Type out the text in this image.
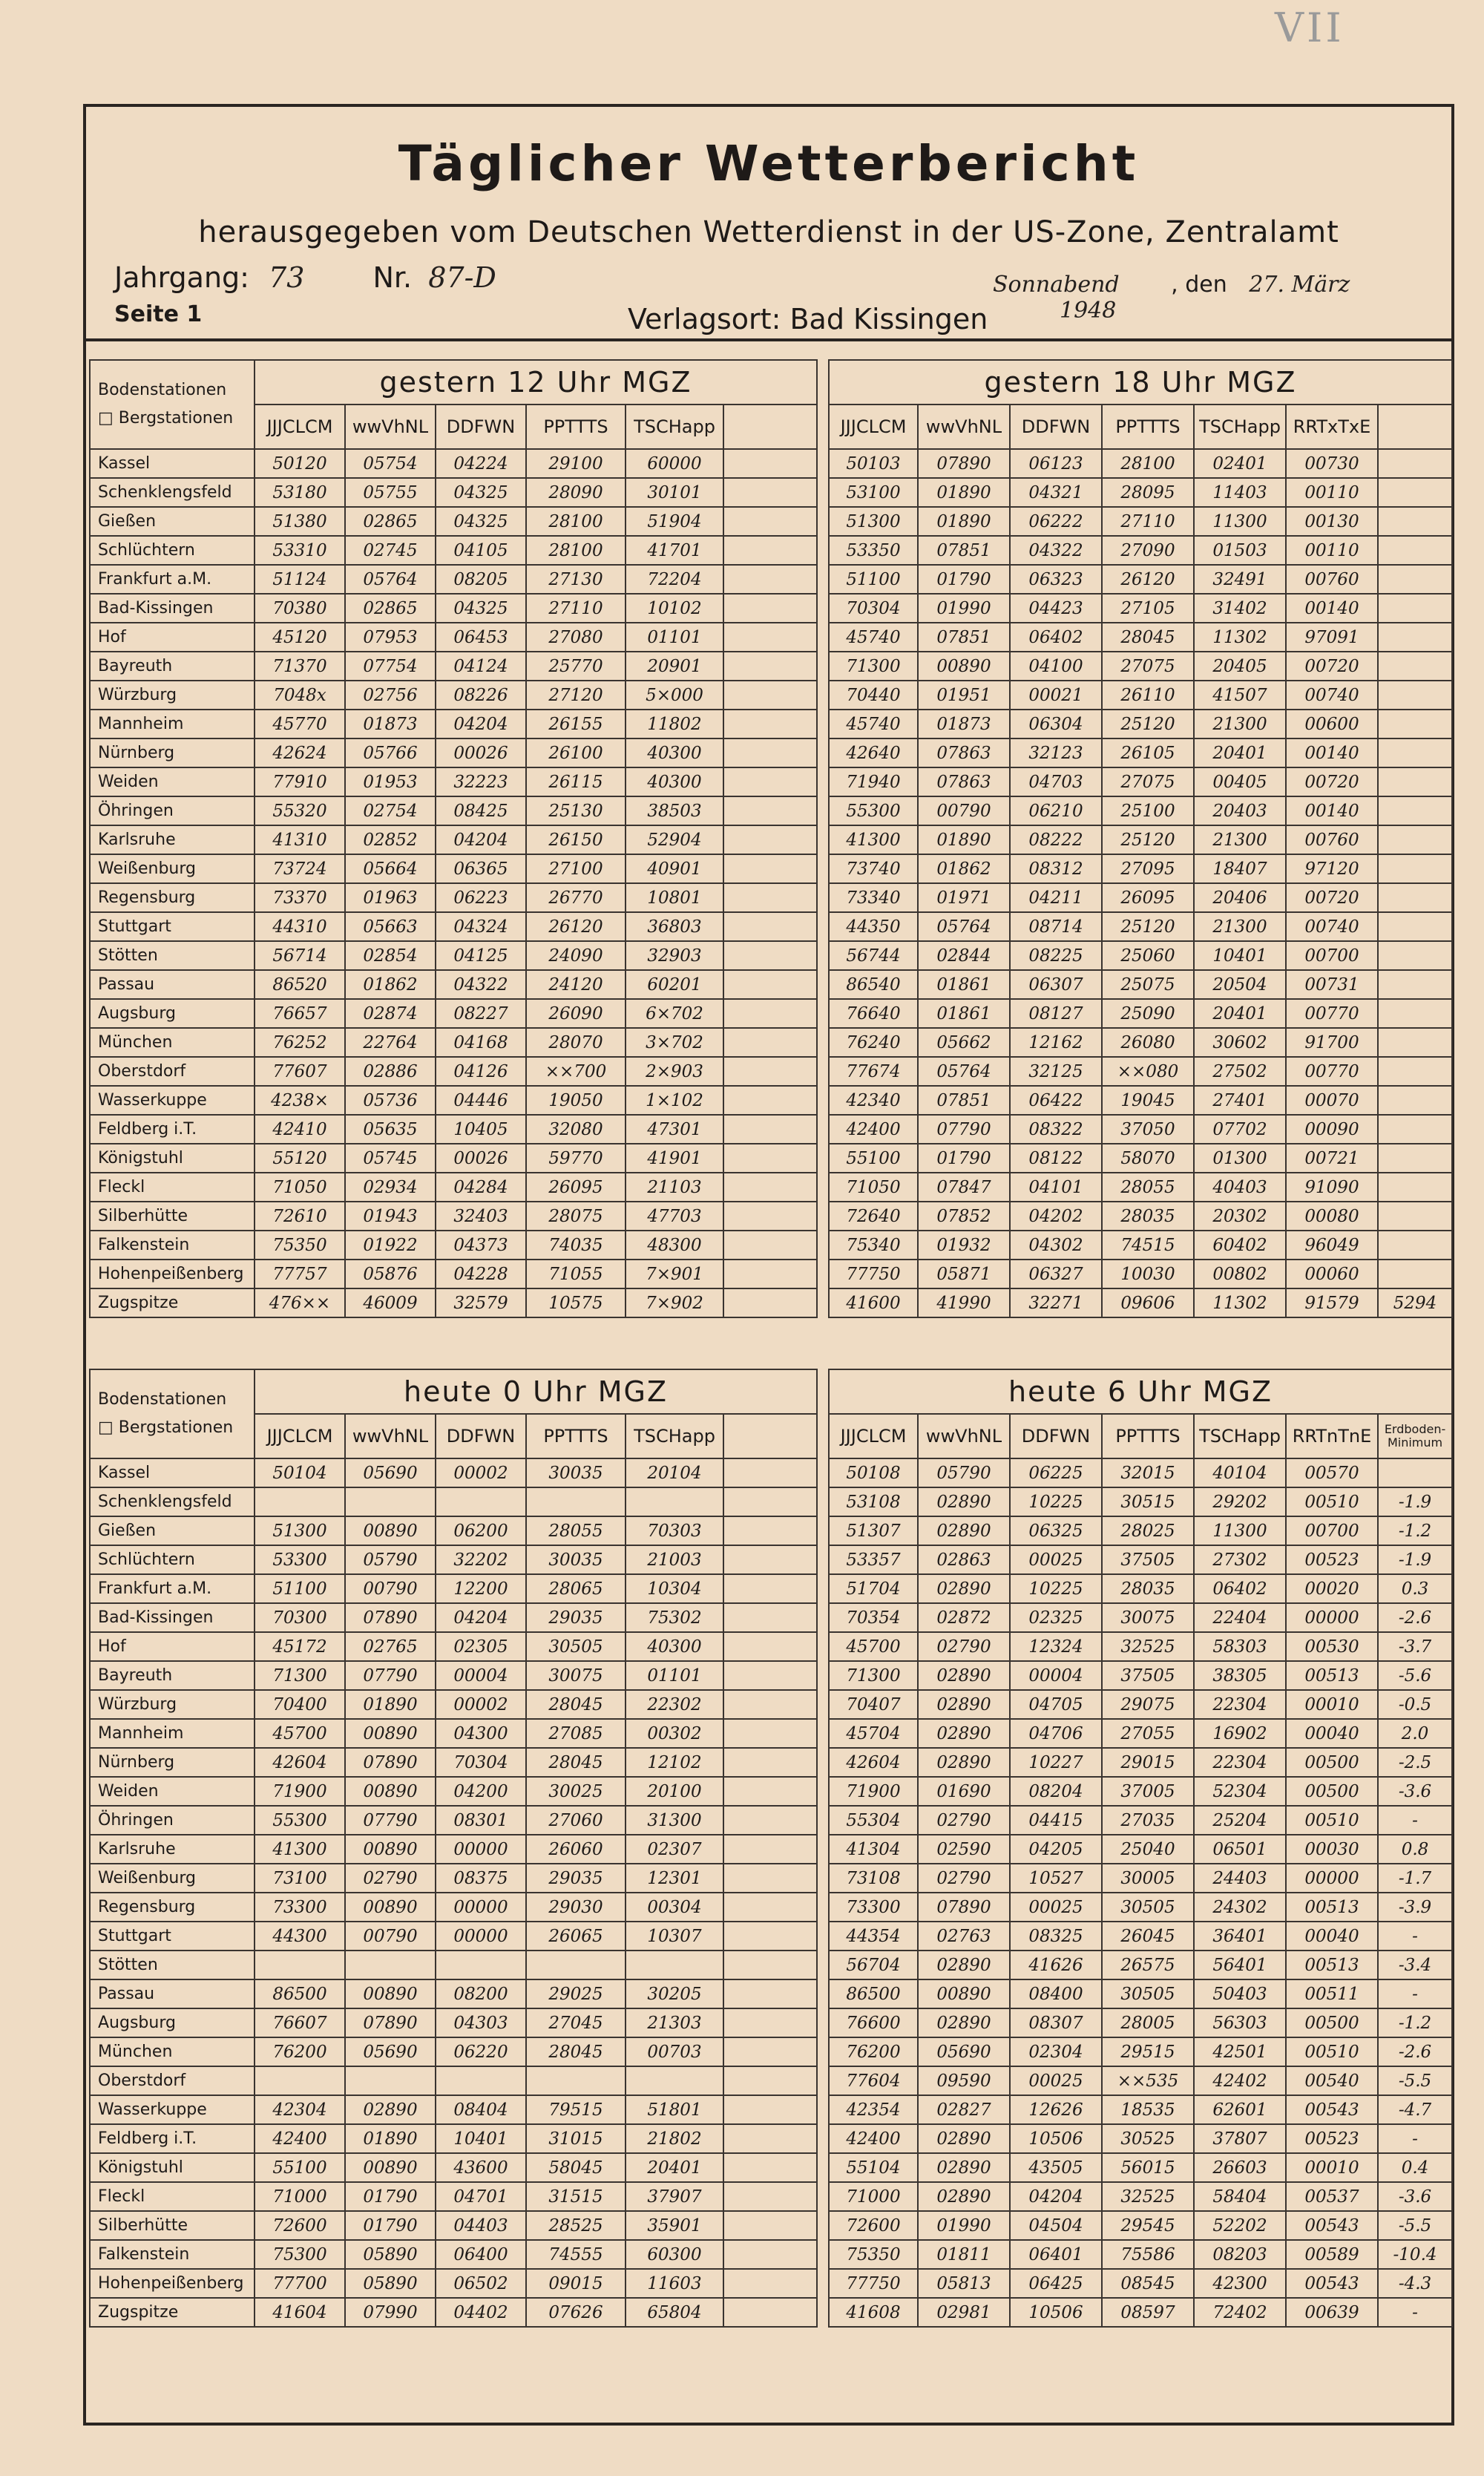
VII
Täglicher Wetterbericht
herausgegeben vom Deutschen Wetterdienst in der US-Zone, Zentralamt
Jahrgang: 73 Nr. 87-D	Sonnabend , den 27. März 1948
Seite 1	Verlagsort: Bad Kissingen
Bodenstationen
□ Bergstationen	gestern 12 Uhr MGZ					
	JJJCLCM	wwVhNL	DDFWN	PPTTTS	TSCHapp	
Kassel	50120	05754	04224	29100	60000	
Schenklengsfeld	53180	05755	04325	28090	30101	
Gießen	51380	02865	04325	28100	51904	
Schlüchtern	53310	02745	04105	28100	41701	
Frankfurt a.M.	51124	05764	08205	27130	72204	
Bad-Kissingen	70380	02865	04325	27110	10102	
Hof	45120	07953	06453	27080	01101	
Bayreuth	71370	07754	04124	25770	20901	
Würzburg	7048x	02756	08226	27120	5×000	
Mannheim	45770	01873	04204	26155	11802	
Nürnberg	42624	05766	00026	26100	40300	
Weiden	77910	01953	32223	26115	40300	
Öhringen	55320	02754	08425	25130	38503	
Karlsruhe	41310	02852	04204	26150	52904	
Weißenburg	73724	05664	06365	27100	40901	
Regensburg	73370	01963	06223	26770	10801	
Stuttgart	44310	05663	04324	26120	36803	
Stötten	56714	02854	04125	24090	32903	
Passau	86520	01862	04322	24120	60201	
Augsburg	76657	02874	08227	26090	6×702	
München	76252	22764	04168	28070	3×702	
Oberstdorf	77607	02886	04126	××700	2×903	
Wasserkuppe	4238×	05736	04446	19050	1×102	
Feldberg i.T.	42410	05635	10405	32080	47301	
Königstuhl	55120	05745	00026	59770	41901	
Fleckl	71050	02934	04284	26095	21103	
Silberhütte	72610	01943	32403	28075	47703	
Falkenstein	75350	01922	04373	74035	48300	
Hohenpeißenberg	77757	05876	04228	71055	7×901	
Zugspitze	476××	46009	32579	10575	7×902	
gestern 18 Uhr MGZ						
JJJCLCM	wwVhNL	DDFWN	PPTTTS	TSCHapp	RRTxTxE	
50103	07890	06123	28100	02401	00730	
53100	01890	04321	28095	11403	00110	
51300	01890	06222	27110	11300	00130	
53350	07851	04322	27090	01503	00110	
51100	01790	06323	26120	32491	00760	
70304	01990	04423	27105	31402	00140	
45740	07851	06402	28045	11302	97091	
71300	00890	04100	27075	20405	00720	
70440	01951	00021	26110	41507	00740	
45740	01873	06304	25120	21300	00600	
42640	07863	32123	26105	20401	00140	
71940	07863	04703	27075	00405	00720	
55300	00790	06210	25100	20403	00140	
41300	01890	08222	25120	21300	00760	
73740	01862	08312	27095	18407	97120	
73340	01971	04211	26095	20406	00720	
44350	05764	08714	25120	21300	00740	
56744	02844	08225	25060	10401	00700	
86540	01861	06307	25075	20504	00731	
76640	01861	08127	25090	20401	00770	
76240	05662	12162	26080	30602	91700	
77674	05764	32125	××080	27502	00770	
42340	07851	06422	19045	27401	00070	
42400	07790	08322	37050	07702	00090	
55100	01790	08122	58070	01300	00721	
71050	07847	04101	28055	40403	91090	
72640	07852	04202	28035	20302	00080	
75340	01932	04302	74515	60402	96049	
77750	05871	06327	10030	00802	00060	
41600	41990	32271	09606	11302	91579	5294
Bodenstationen
□ Bergstationen	heute 0 Uhr MGZ					
	JJJCLCM	wwVhNL	DDFWN	PPTTTS	TSCHapp	
Kassel	50104	05690	00002	30035	20104	
Schenklengsfeld						
Gießen	51300	00890	06200	28055	70303	
Schlüchtern	53300	05790	32202	30035	21003	
Frankfurt a.M.	51100	00790	12200	28065	10304	
Bad-Kissingen	70300	07890	04204	29035	75302	
Hof	45172	02765	02305	30505	40300	
Bayreuth	71300	07790	00004	30075	01101	
Würzburg	70400	01890	00002	28045	22302	
Mannheim	45700	00890	04300	27085	00302	
Nürnberg	42604	07890	70304	28045	12102	
Weiden	71900	00890	04200	30025	20100	
Öhringen	55300	07790	08301	27060	31300	
Karlsruhe	41300	00890	00000	26060	02307	
Weißenburg	73100	02790	08375	29035	12301	
Regensburg	73300	00890	00000	29030	00304	
Stuttgart	44300	00790	00000	26065	10307	
Stötten						
Passau	86500	00890	08200	29025	30205	
Augsburg	76607	07890	04303	27045	21303	
München	76200	05690	06220	28045	00703	
Oberstdorf						
Wasserkuppe	42304	02890	08404	79515	51801	
Feldberg i.T.	42400	01890	10401	31015	21802	
Königstuhl	55100	00890	43600	58045	20401	
Fleckl	71000	01790	04701	31515	37907	
Silberhütte	72600	01790	04403	28525	35901	
Falkenstein	75300	05890	06400	74555	60300	
Hohenpeißenberg	77700	05890	06502	09015	11603	
Zugspitze	41604	07990	04402	07626	65804	
heute 6 Uhr MGZ						
JJJCLCM	wwVhNL	DDFWN	PPTTTS	TSCHapp	RRTnTnE	Erdboden-Minimum
50108	05790	06225	32015	40104	00570	
53108	02890	10225	30515	29202	00510	-1.9
51307	02890	06325	28025	11300	00700	-1.2
53357	02863	00025	37505	27302	00523	-1.9
51704	02890	10225	28035	06402	00020	0.3
70354	02872	02325	30075	22404	00000	-2.6
45700	02790	12324	32525	58303	00530	-3.7
71300	02890	00004	37505	38305	00513	-5.6
70407	02890	04705	29075	22304	00010	-0.5
45704	02890	04706	27055	16902	00040	2.0
42604	02890	10227	29015	22304	00500	-2.5
71900	01690	08204	37005	52304	00500	-3.6
55304	02790	04415	27035	25204	00510	-
41304	02590	04205	25040	06501	00030	0.8
73108	02790	10527	30005	24403	00000	-1.7
73300	07890	00025	30505	24302	00513	-3.9
44354	02763	08325	26045	36401	00040	-
56704	02890	41626	26575	56401	00513	-3.4
86500	00890	08400	30505	50403	00511	-
76600	02890	08307	28005	56303	00500	-1.2
76200	05690	02304	29515	42501	00510	-2.6
77604	09590	00025	××535	42402	00540	-5.5
42354	02827	12626	18535	62601	00543	-4.7
42400	02890	10506	30525	37807	00523	-
55104	02890	43505	56015	26603	00010	0.4
71000	02890	04204	32525	58404	00537	-3.6
72600	01990	04504	29545	52202	00543	-5.5
75350	01811	06401	75586	08203	00589	-10.4
77750	05813	06425	08545	42300	00543	-4.3
41608	02981	10506	08597	72402	00639	-
